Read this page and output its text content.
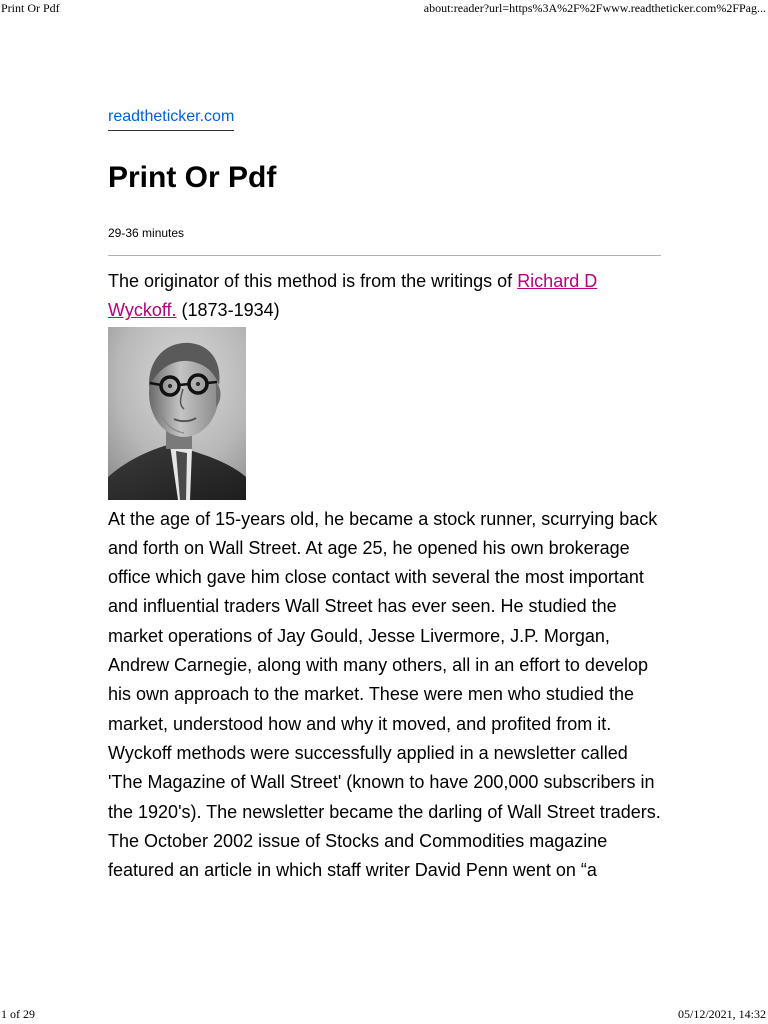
Print Or Pdf	about:reader?url=https%3A%2F%2Fwww.readtheticker.com%2FPag...
readtheticker.com
Print Or Pdf
29-36 minutes

The originator of this method is from the writings of Richard D Wyckoff. (1873-1934)

At the age of 15-years old, he became a stock runner, scurrying back and forth on Wall Street. At age 25, he opened his own brokerage office which gave him close contact with several the most important and influential traders Wall Street has ever seen. He studied the market operations of Jay Gould, Jesse Livermore, J.P. Morgan, Andrew Carnegie, along with many others, all in an effort to develop his own approach to the market. These were men who studied the market, understood how and why it moved, and profited from it. Wyckoff methods were successfully applied in a newsletter called 'The Magazine of Wall Street' (known to have 200,000 subscribers in the 1920's). The newsletter became the darling of Wall Street traders.

The October 2002 issue of Stocks and Commodities magazine featured an article in which staff writer David Penn went on “a

1 of 29	05/12/2021, 14:32
